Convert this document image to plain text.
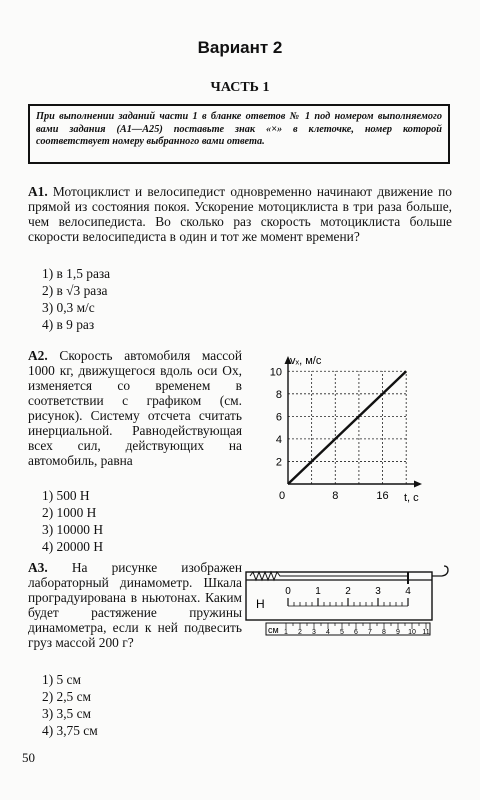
Вариант 2
ЧАСТЬ 1
При выполнении заданий части 1 в бланке ответов № 1 под номером выполняемого вами задания (А1—А25) поставьте знак «×» в клеточке, номер которой соответствует номеру выбранного вами ответа.
А1. Мотоциклист и велосипедист одновременно начинают движение по прямой из состояния покоя. Ускорение мотоциклиста в три раза больше, чем велосипедиста. Во сколько раз скорость мотоциклиста больше скорости велосипедиста в один и тот же момент времени?
1) в 1,5 раза
2) в √3 раза
3) 0,3 м/с
4) в 9 раз
А2. Скорость автомобиля массой 1000 кг, движущегося вдоль оси Ox, изменяется со временем в соответствии с графиком (см. рисунок). Систему отсчета считать инерциальной. Равнодействующая всех сил, действующих на автомобиль, равна
1) 500 Н
2) 1000 Н
3) 10000 Н
4) 20000 Н
2
4
6
8
10
0	8	16
vₓ, м/с
t, с
А3. На рисунке изображен лабораторный динамометр. Шкала проградуирована в ньютонах. Каким будет растяжение пружины динамометра, если к ней подвесить груз массой 200 г?
1) 5 см
2) 2,5 см
3) 3,5 см
4) 3,75 см
Н
0 1 2 3 4
см 1 2 3 4 5 6 7 8 9 10 11
50
